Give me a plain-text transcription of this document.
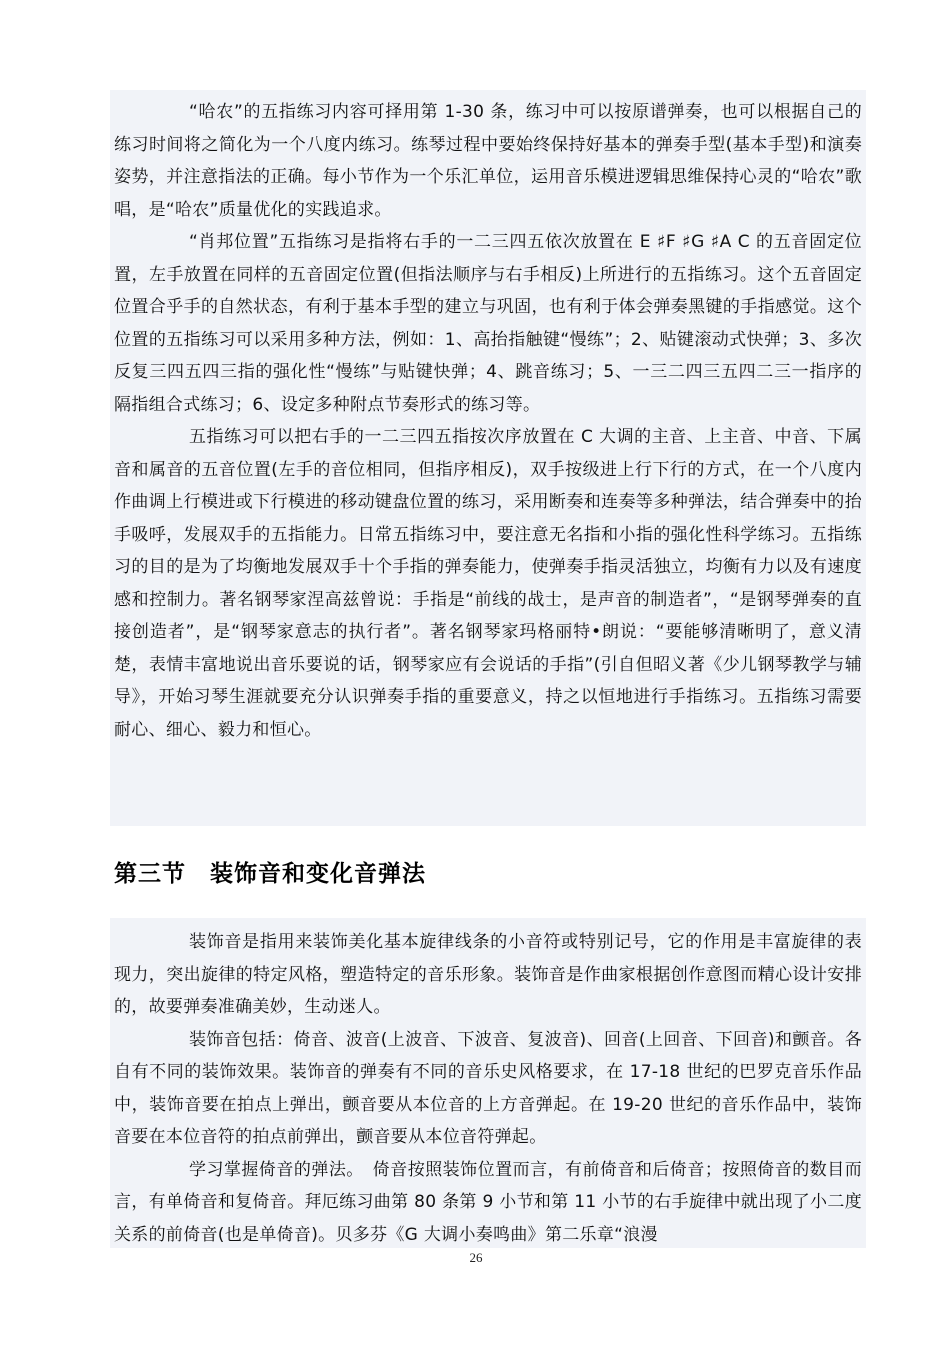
“哈农”的五指练习内容可择用第 1-30 条，练习中可以按原谱弹奏，也可以根据自己的练习时间将之简化为一个八度内练习。练琴过程中要始终保持好基本的弹奏手型(基本手型)和演奏姿势，并注意指法的正确。每小节作为一个乐汇单位，运用音乐模进逻辑思维保持心灵的“哈农”歌唱，是“哈农”质量优化的实践追求。

“肖邦位置”五指练习是指将右手的一二三四五依次放置在 E ♯F ♯G ♯A C 的五音固定位置，左手放置在同样的五音固定位置(但指法顺序与右手相反)上所进行的五指练习。这个五音固定位置合乎手的自然状态，有利于基本手型的建立与巩固，也有利于体会弹奏黑键的手指感觉。这个位置的五指练习可以采用多种方法，例如：1、高抬指触键“慢练”；2、贴键滚动式快弹；3、多次反复三四五四三指的强化性“慢练”与贴键快弹；4、跳音练习；5、一三二四三五四二三一指序的隔指组合式练习；6、设定多种附点节奏形式的练习等。

五指练习可以把右手的一二三四五指按次序放置在 C 大调的主音、上主音、中音、下属音和属音的五音位置(左手的音位相同，但指序相反)，双手按级进上行下行的方式，在一个八度内作曲调上行模进或下行模进的移动键盘位置的练习，采用断奏和连奏等多种弹法，结合弹奏中的抬手吸呼，发展双手的五指能力。日常五指练习中，要注意无名指和小指的强化性科学练习。五指练习的目的是为了均衡地发展双手十个手指的弹奏能力，使弹奏手指灵活独立，均衡有力以及有速度感和控制力。著名钢琴家涅高兹曾说：手指是“前线的战士，是声音的制造者”，“是钢琴弹奏的直接创造者”，是“钢琴家意志的执行者”。著名钢琴家玛格丽特•朗说：“要能够清晰明了，意义清楚，表情丰富地说出音乐要说的话，钢琴家应有会说话的手指”(引自但昭义著《少儿钢琴教学与辅导》，开始习琴生涯就要充分认识弹奏手指的重要意义，持之以恒地进行手指练习。五指练习需要耐心、细心、毅力和恒心。

第三节　装饰音和变化音弹法

装饰音是指用来装饰美化基本旋律线条的小音符或特别记号，它的作用是丰富旋律的表现力，突出旋律的特定风格，塑造特定的音乐形象。装饰音是作曲家根据创作意图而精心设计安排的，故要弹奏准确美妙，生动迷人。

装饰音包括：倚音、波音(上波音、下波音、复波音)、回音(上回音、下回音)和颤音。各自有不同的装饰效果。装饰音的弹奏有不同的音乐史风格要求，在 17-18 世纪的巴罗克音乐作品中，装饰音要在拍点上弹出，颤音要从本位音的上方音弹起。在 19-20 世纪的音乐作品中，装饰音要在本位音符的拍点前弹出，颤音要从本位音符弹起。

学习掌握倚音的弹法。　倚音按照装饰位置而言，有前倚音和后倚音；按照倚音的数目而言，有单倚音和复倚音。拜厄练习曲第 80 条第 9 小节和第 11 小节的右手旋律中就出现了小二度关系的前倚音(也是单倚音)。贝多芬《G 大调小奏鸣曲》第二乐章“浪漫

26
